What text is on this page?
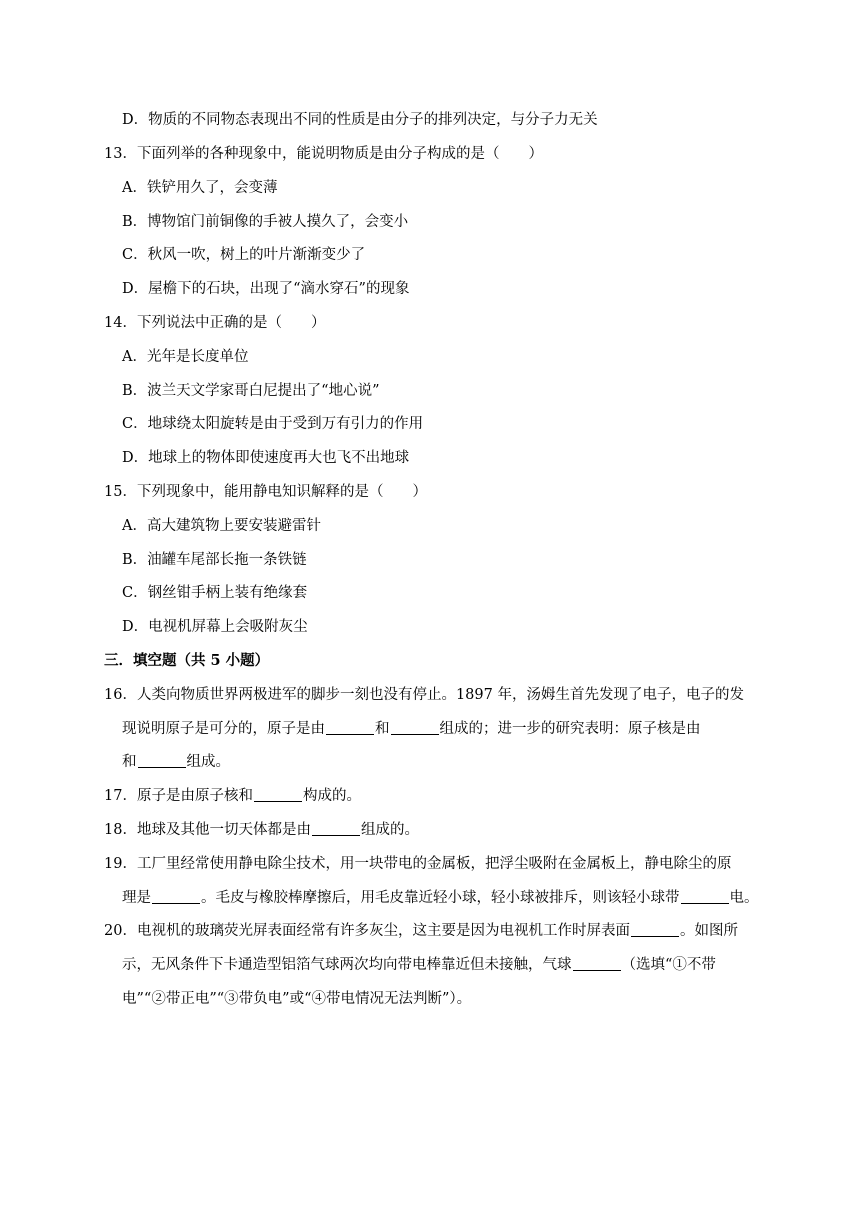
D．物质的不同物态表现出不同的性质是由分子的排列决定，与分子力无关
13．下面列举的各种现象中，能说明物质是由分子构成的是（　　）
A．铁铲用久了，会变薄
B．博物馆门前铜像的手被人摸久了，会变小
C．秋风一吹，树上的叶片渐渐变少了
D．屋檐下的石块，出现了“滴水穿石”的现象
14．下列说法中正确的是（　　）
A．光年是长度单位
B．波兰天文学家哥白尼提出了“地心说”
C．地球绕太阳旋转是由于受到万有引力的作用
D．地球上的物体即使速度再大也飞不出地球
15．下列现象中，能用静电知识解释的是（　　）
A．高大建筑物上要安装避雷针
B．油罐车尾部长拖一条铁链
C．钢丝钳手柄上装有绝缘套
D．电视机屏幕上会吸附灰尘
三．填空题（共 5 小题）
16．人类向物质世界两极进军的脚步一刻也没有停止。1897 年，汤姆生首先发现了电子，电子的发
现说明原子是可分的，原子是由	和	组成的；进一步的研究表明：原子核是由
和	组成。
17．原子是由原子核和	构成的。
18．地球及其他一切天体都是由	组成的。
19．工厂里经常使用静电除尘技术，用一块带电的金属板，把浮尘吸附在金属板上，静电除尘的原
理是	。毛皮与橡胶棒摩擦后，用毛皮靠近轻小球，轻小球被排斥，则该轻小球带	电。
20．电视机的玻璃荧光屏表面经常有许多灰尘，这主要是因为电视机工作时屏表面	。如图所
示，无风条件下卡通造型铝箔气球两次均向带电棒靠近但未接触，气球	（选填“①不带
电”“②带正电”“③带负电”或“④带电情况无法判断”）。
